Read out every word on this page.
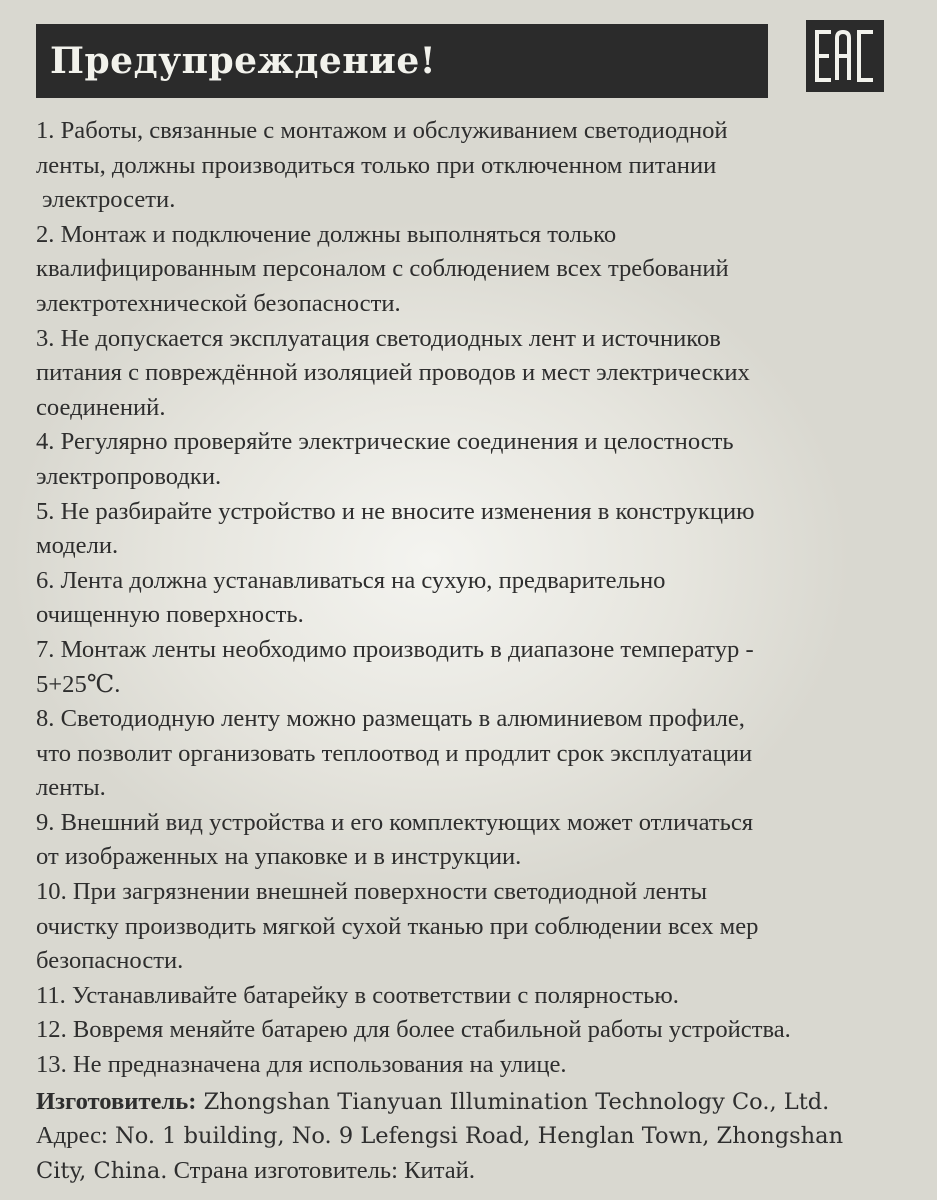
Предупреждение!
1. Работы, связанные с монтажом и обслуживанием светодиодной
ленты, должны производиться только при отключенном питании
электросети.
2. Монтаж и подключение должны выполняться только
квалифицированным персоналом с соблюдением всех требований
электротехнической безопасности.
3. Не допускается эксплуатация светодиодных лент и источников
питания с повреждённой изоляцией проводов и мест электрических
соединений.
4. Регулярно проверяйте электрические соединения и целостность
электропроводки.
5. Не разбирайте устройство и не вносите изменения в конструкцию
модели.
6. Лента должна устанавливаться на сухую, предварительно
очищенную поверхность.
7. Монтаж ленты необходимо производить в диапазоне температур -
5+25℃.
8. Светодиодную ленту можно размещать в алюминиевом профиле,
что позволит организовать теплоотвод и продлит срок эксплуатации
ленты.
9. Внешний вид устройства и его комплектующих может отличаться
от изображенных на упаковке и в инструкции.
10. При загрязнении внешней поверхности светодиодной ленты
очистку производить мягкой сухой тканью при соблюдении всех мер
безопасности.
11. Устанавливайте батарейку в соответствии с полярностью.
12. Вовремя меняйте батарею для более стабильной работы устройства.
13. Не предназначена для использования на улице.
Изготовитель: Zhongshan Tianyuan Illumination Technology Co., Ltd.
Адрес: No. 1 building, No. 9 Lefengsi Road, Henglan Town, Zhongshan
City, China. Страна изготовитель: Китай.
